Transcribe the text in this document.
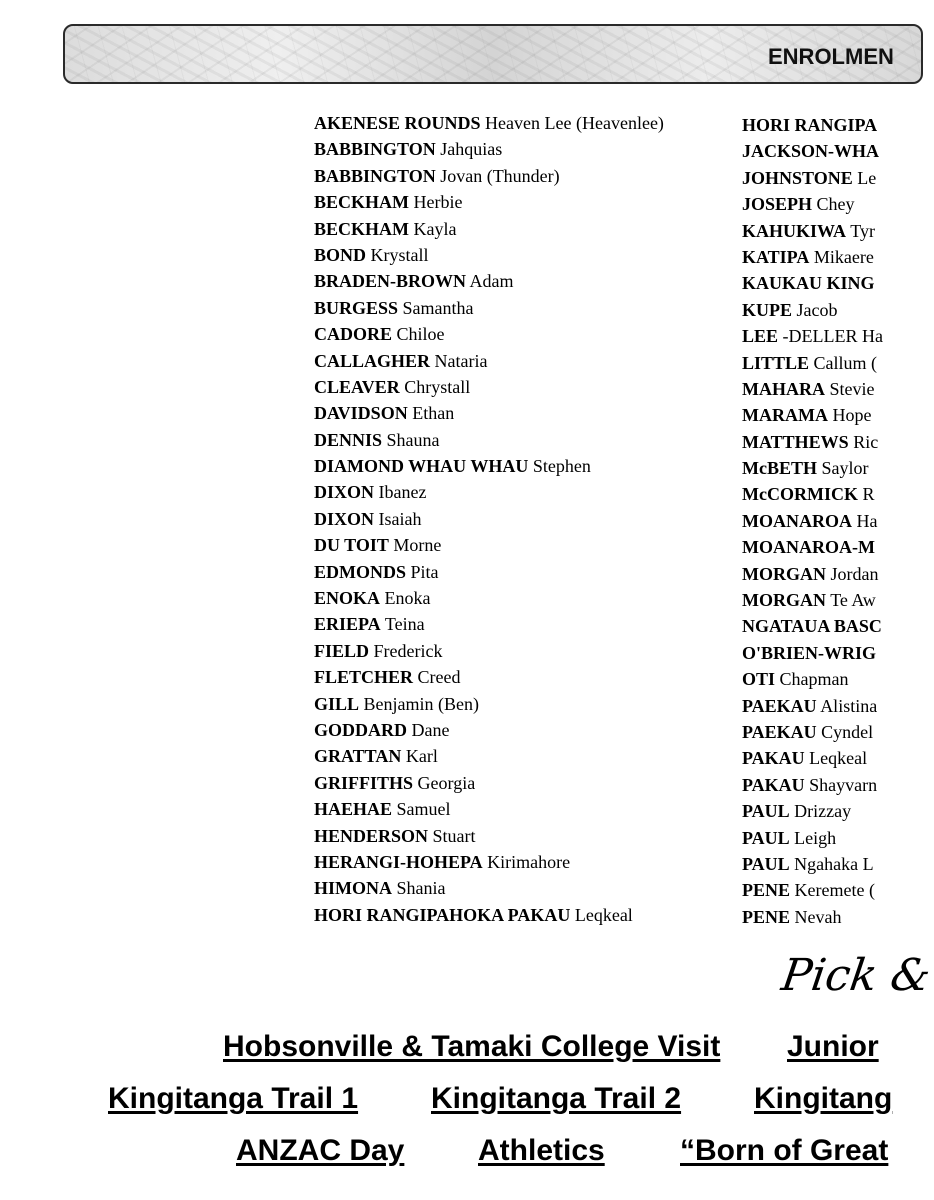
ENROLMEN
AKENESE ROUNDS Heaven Lee (Heavenlee)
BABBINGTON Jahquias
BABBINGTON Jovan (Thunder)
BECKHAM Herbie
BECKHAM Kayla
BOND Krystall
BRADEN-BROWN Adam
BURGESS Samantha
CADORE Chiloe
CALLAGHER Nataria
CLEAVER Chrystall
DAVIDSON Ethan
DENNIS Shauna
DIAMOND WHAU WHAU Stephen
DIXON Ibanez
DIXON Isaiah
DU TOIT Morne
EDMONDS Pita
ENOKA Enoka
ERIEPA Teina
FIELD Frederick
FLETCHER Creed
GILL Benjamin (Ben)
GODDARD Dane
GRATTAN Karl
GRIFFITHS Georgia
HAEHAE Samuel
HENDERSON Stuart
HERANGI-HOHEPA Kirimahore
HIMONA Shania
HORI RANGIPAHOKA PAKAU Leqkeal
HORI RANGIPA
JACKSON-WHA
JOHNSTONE Le
JOSEPH Chey
KAHUKIWA Tyr
KATIPA Mikaere
KAUKAU KING
KUPE Jacob
LEE -DELLER Ha
LITTLE Callum (
MAHARA Stevie
MARAMA Hope
MATTHEWS Ric
McBETH Saylor
McCORMICK R
MOANAROA Ha
MOANAROA-M
MORGAN Jordan
MORGAN Te Aw
NGATAUA BASC
O'BRIEN-WRIG
OTI Chapman
PAEKAU Alistina
PAEKAU Cyndel
PAKAU Leqkeal
PAKAU Shayvarn
PAUL Drizzay
PAUL Leigh
PAUL Ngahaka L
PENE Keremete (
PENE Nevah
Pick &
Hobsonville & Tamaki College Visit Junior
Kingitanga Trail 1 Kingitanga Trail 2 Kingitang
ANZAC Day Athletics	“Born of Great
